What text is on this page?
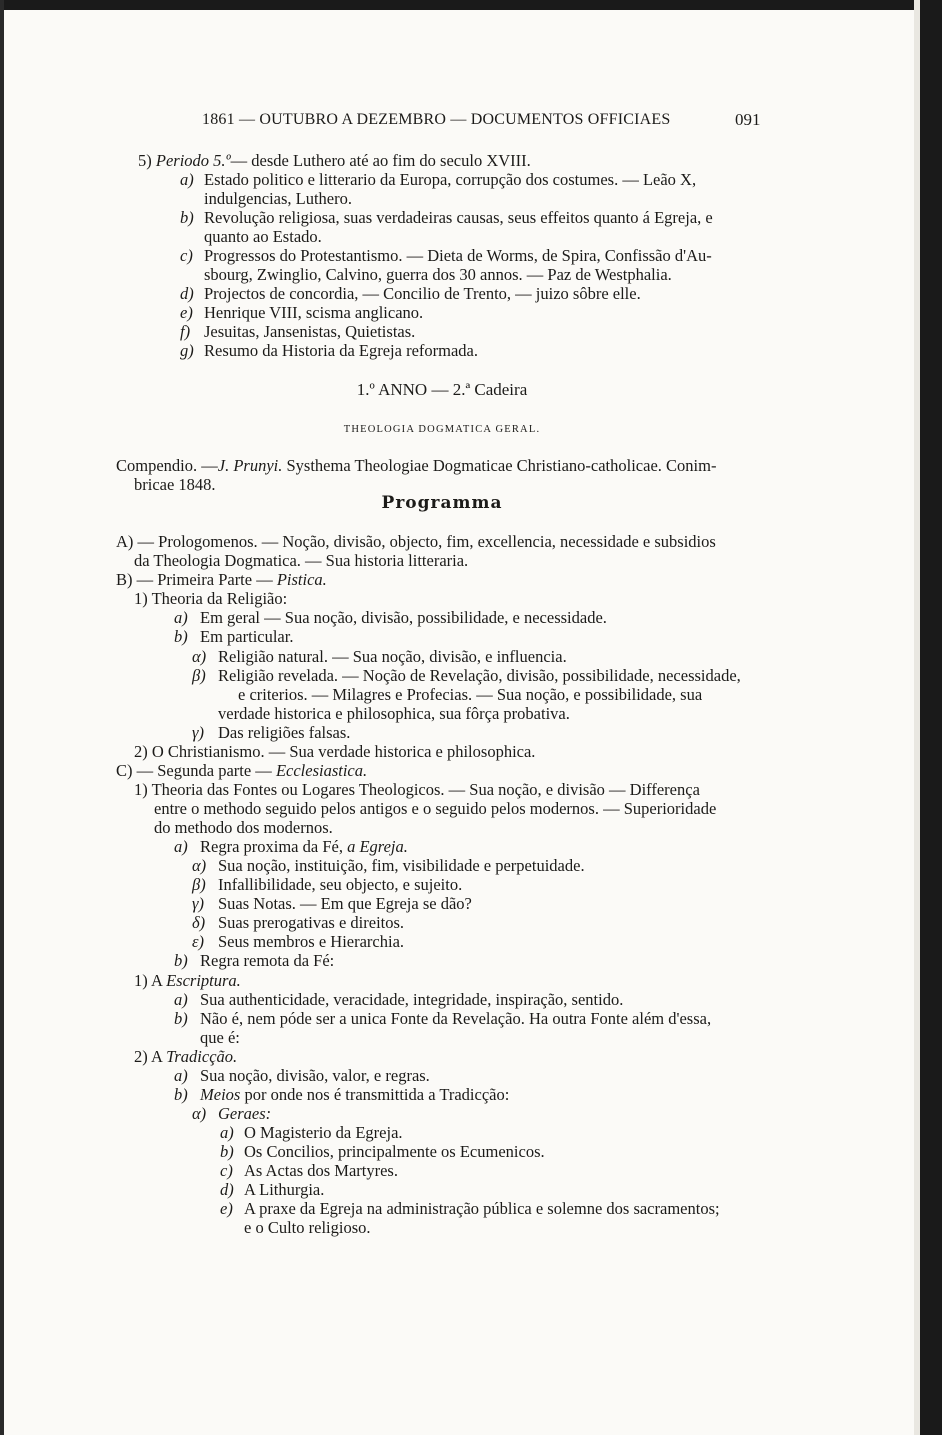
1861 — OUTUBRO A DEZEMBRO — DOCUMENTOS OFFICIAES	091
5) Periodo 5.º— desde Luthero até ao fim do seculo XVIII.
a) Estado politico e litterario da Europa, corrupção dos costumes. — Leão X,
indulgencias, Luthero.
b) Revolução religiosa, suas verdadeiras causas, seus effeitos quanto á Egreja, e
quanto ao Estado.
c) Progressos do Protestantismo. — Dieta de Worms, de Spira, Confissão d'Au-
sbourg, Zwinglio, Calvino, guerra dos 30 annos. — Paz de Westphalia.
d) Projectos de concordia, — Concilio de Trento, — juizo sôbre elle.
e) Henrique VIII, scisma anglicano.
f) Jesuitas, Jansenistas, Quietistas.
g) Resumo da Historia da Egreja reformada.
1.º ANNO — 2.ª Cadeira
THEOLOGIA DOGMATICA GERAL.
Compendio. —J. Prunyi. Systhema Theologiae Dogmaticae Christiano-catholicae. Conim-
bricae 1848.
Programma
A) — Prologomenos. — Noção, divisão, objecto, fim, excellencia, necessidade e subsidios
da Theologia Dogmatica. — Sua historia litteraria.
B) — Primeira Parte — Pistica.
1) Theoria da Religião:
a) Em geral — Sua noção, divisão, possibilidade, e necessidade.
b) Em particular.
α) Religião natural. — Sua noção, divisão, e influencia.
β) Religião revelada. — Noção de Revelação, divisão, possibilidade, necessidade,
e criterios. — Milagres e Profecias. — Sua noção, e possibilidade, sua
verdade historica e philosophica, sua fôrça probativa.
γ) Das religiões falsas.
2) O Christianismo. — Sua verdade historica e philosophica.
C) — Segunda parte — Ecclesiastica.
1) Theoria das Fontes ou Logares Theologicos. — Sua noção, e divisão — Differença
entre o methodo seguido pelos antigos e o seguido pelos modernos. — Superioridade
do methodo dos modernos.
a) Regra proxima da Fé, a Egreja.
α) Sua noção, instituição, fim, visibilidade e perpetuidade.
β) Infallibilidade, seu objecto, e sujeito.
γ) Suas Notas. — Em que Egreja se dão?
δ) Suas prerogativas e direitos.
ε) Seus membros e Hierarchia.
b) Regra remota da Fé:
1) A Escriptura.
a) Sua authenticidade, veracidade, integridade, inspiração, sentido.
b) Não é, nem póde ser a unica Fonte da Revelação. Ha outra Fonte além d'essa,
que é:
2) A Tradicção.
a) Sua noção, divisão, valor, e regras.
b) Meios por onde nos é transmittida a Tradicção:
α) Geraes:
a) O Magisterio da Egreja.
b) Os Concilios, principalmente os Ecumenicos.
c) As Actas dos Martyres.
d) A Lithurgia.
e) A praxe da Egreja na administração pública e solemne dos sacramentos;
e o Culto religioso.
